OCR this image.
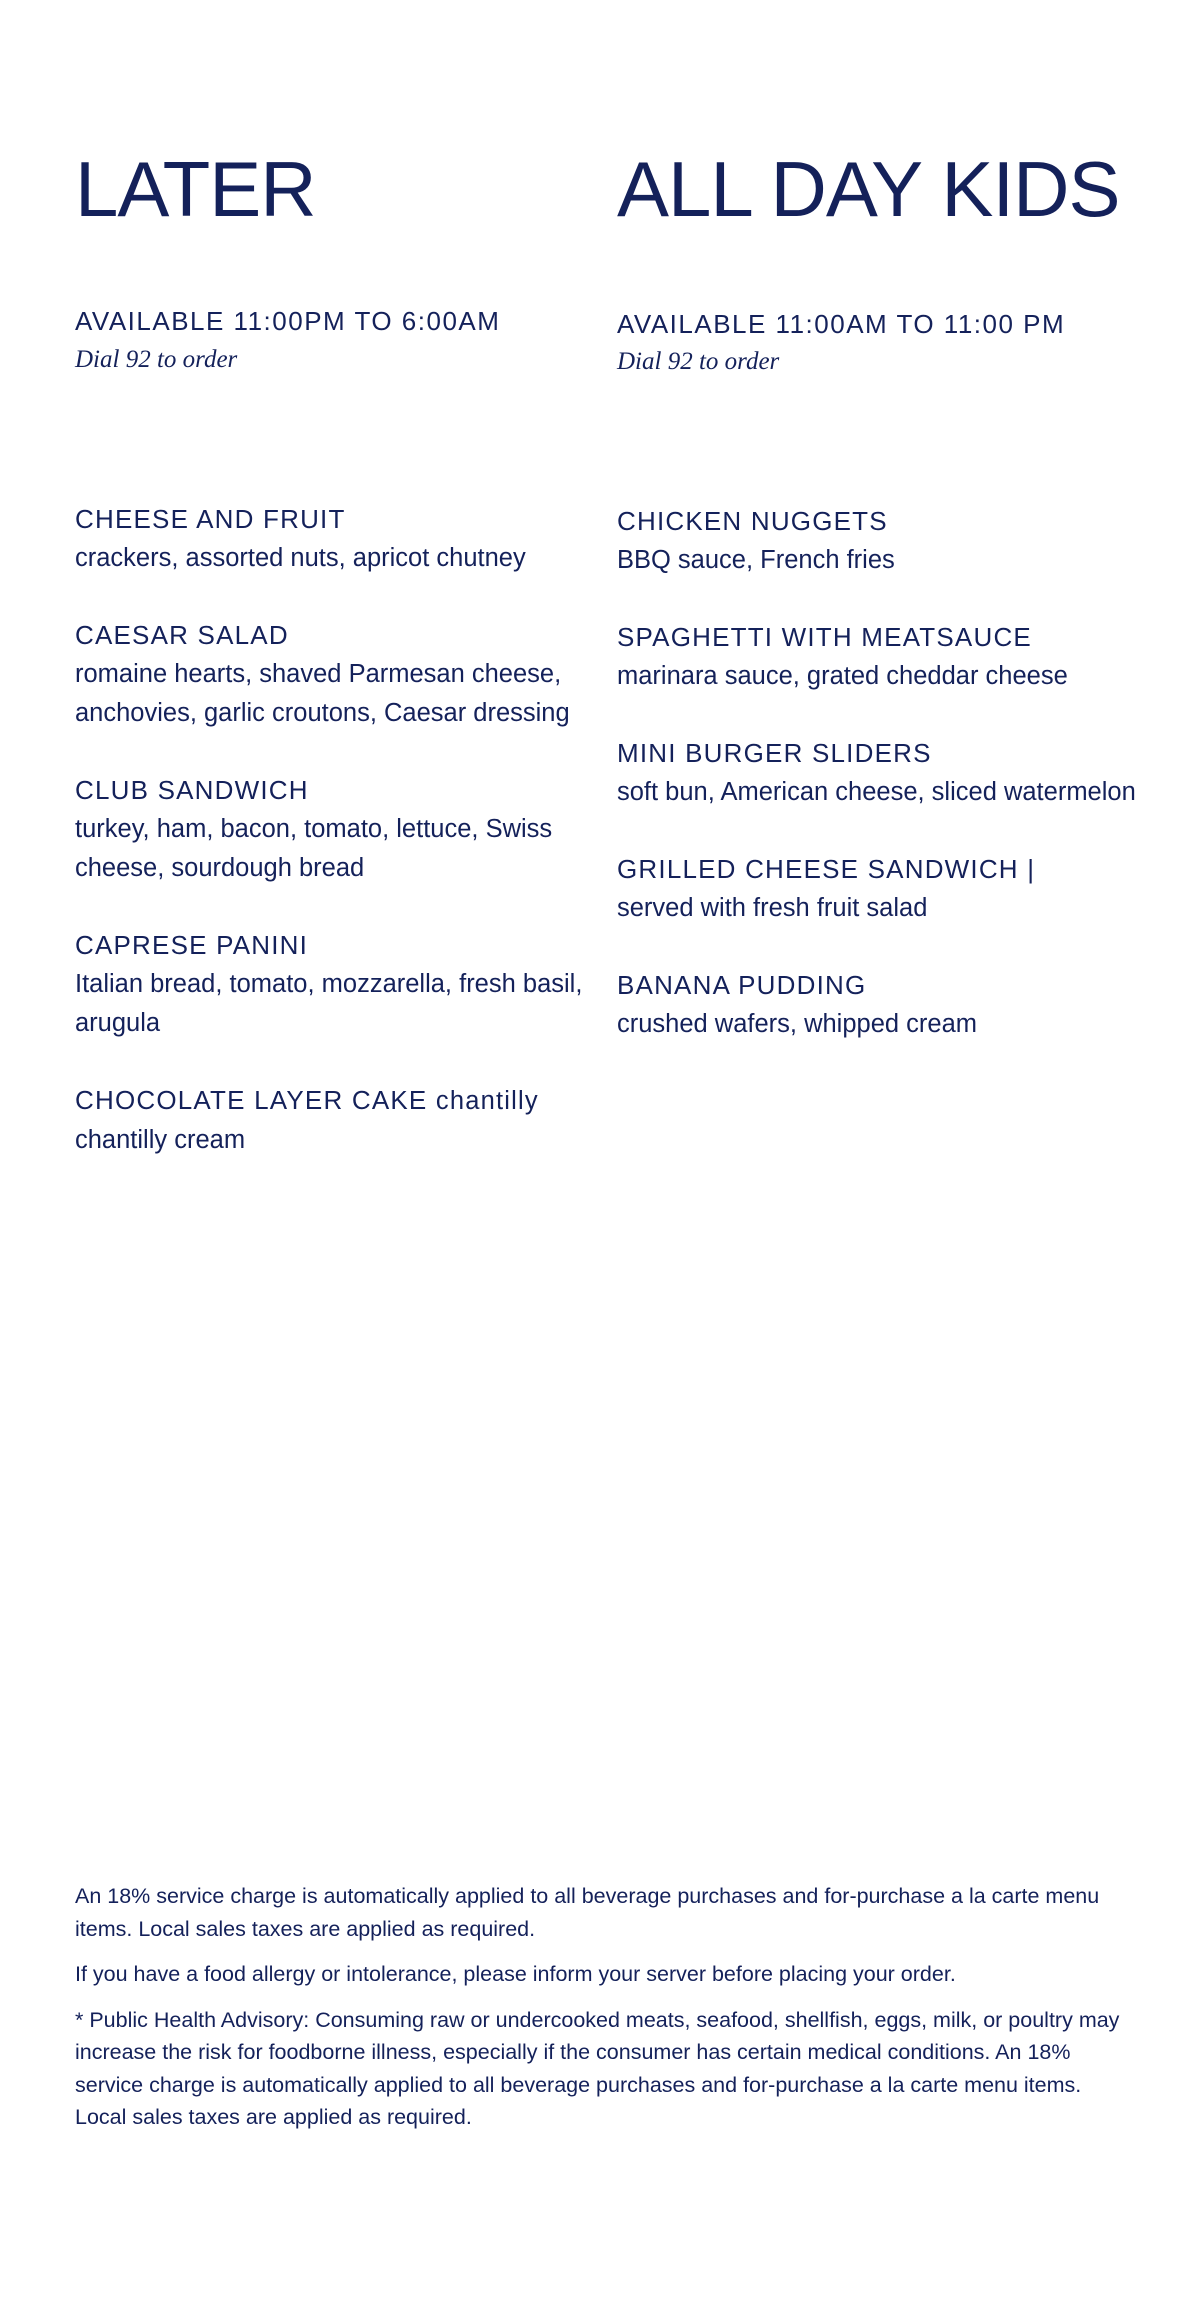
LATER
AVAILABLE 11:00PM TO 6:00AM
Dial 92 to order
CHEESE AND FRUIT
crackers, assorted nuts, apricot chutney
CAESAR SALAD
romaine hearts, shaved Parmesan cheese, anchovies, garlic croutons, Caesar dressing
CLUB SANDWICH
turkey, ham, bacon, tomato, lettuce, Swiss cheese, sourdough bread
CAPRESE PANINI
Italian bread, tomato, mozzarella, fresh basil, arugula
CHOCOLATE LAYER CAKE chantilly
chantilly cream
ALL DAY KIDS
AVAILABLE 11:00AM TO 11:00 PM
Dial 92 to order
CHICKEN NUGGETS
BBQ sauce, French fries
SPAGHETTI WITH MEATSAUCE
marinara sauce, grated cheddar cheese
MINI BURGER SLIDERS
soft bun, American cheese, sliced watermelon
GRILLED CHEESE SANDWICH |
served with fresh fruit salad
BANANA PUDDING
crushed wafers, whipped cream

An 18% service charge is automatically applied to all beverage purchases and for-purchase a la carte menu items. Local sales taxes are applied as required.

If you have a food allergy or intolerance, please inform your server before placing your order.

* Public Health Advisory: Consuming raw or undercooked meats, seafood, shellfish, eggs, milk, or poultry may increase the risk for foodborne illness, especially if the consumer has certain medical conditions. An 18% service charge is automatically applied to all beverage purchases and for-purchase a la carte menu items. Local sales taxes are applied as required.
